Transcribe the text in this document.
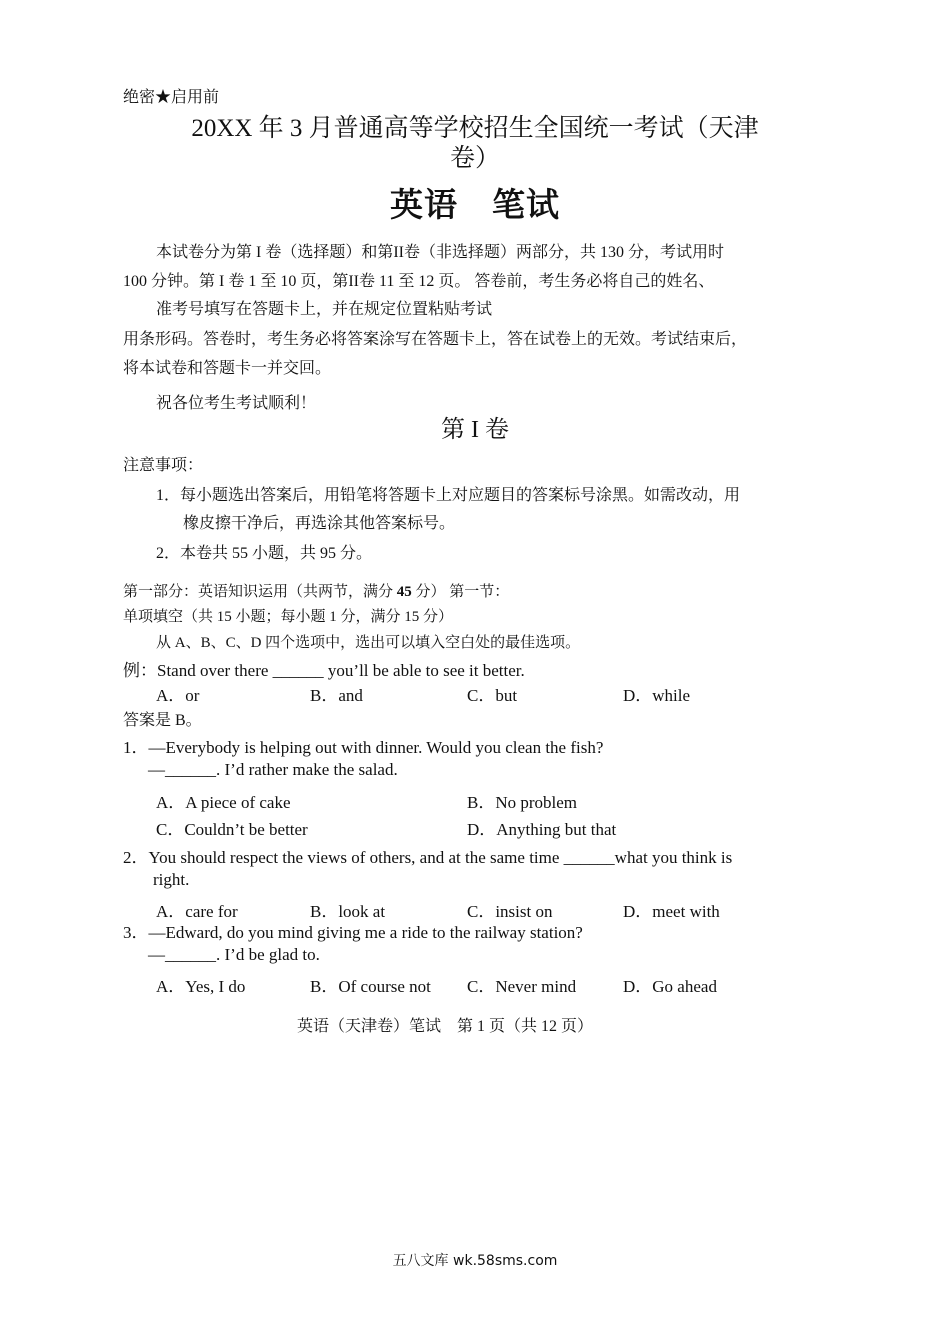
绝密★启用前
20XX 年 3 月普通高等学校招生全国统一考试（天津
卷）
英语　笔试
本试卷分为第 I 卷（选择题）和第II卷（非选择题）两部分，共 130 分，考试用时
100 分钟。第 I 卷 1 至 10 页，第II卷 11 至 12 页。 答卷前，考生务必将自己的姓名、
准考号填写在答题卡上，并在规定位置粘贴考试
用条形码。答卷时，考生务必将答案涂写在答题卡上，答在试卷上的无效。考试结束后，
将本试卷和答题卡一并交回。
祝各位考生考试顺利！
第 I 卷
注意事项：
1．每小题选出答案后，用铅笔将答题卡上对应题目的答案标号涂黑。如需改动，用
橡皮擦干净后，再选涂其他答案标号。
2．本卷共 55 小题，共 95 分。
第一部分：英语知识运用（共两节，满分 45 分） 第一节：
单项填空（共 15 小题；每小题 1 分，满分 15 分）
从 A、B、C、D 四个选项中，选出可以填入空白处的最佳选项。
例：Stand over there ______ you’ll be able to see it better.
A．or	B．and	C．but	D．while
答案是 B。
1．—Everybody is helping out with dinner. Would you clean the fish?
—______. I’d rather make the salad.
A．A piece of cake	B．No problem
C．Couldn’t be better	D．Anything but that
2．You should respect the views of others, and at the same time ______what you think is
right.
A．care for	B．look at	C．insist on	D．meet with
3．—Edward, do you mind giving me a ride to the railway station?
—______. I’d be glad to.
A．Yes, I do	B．Of course not C．Never mind	D．Go ahead
英语（天津卷）笔试　第 1 页（共 12 页）
五八文库 wk.58sms.com
